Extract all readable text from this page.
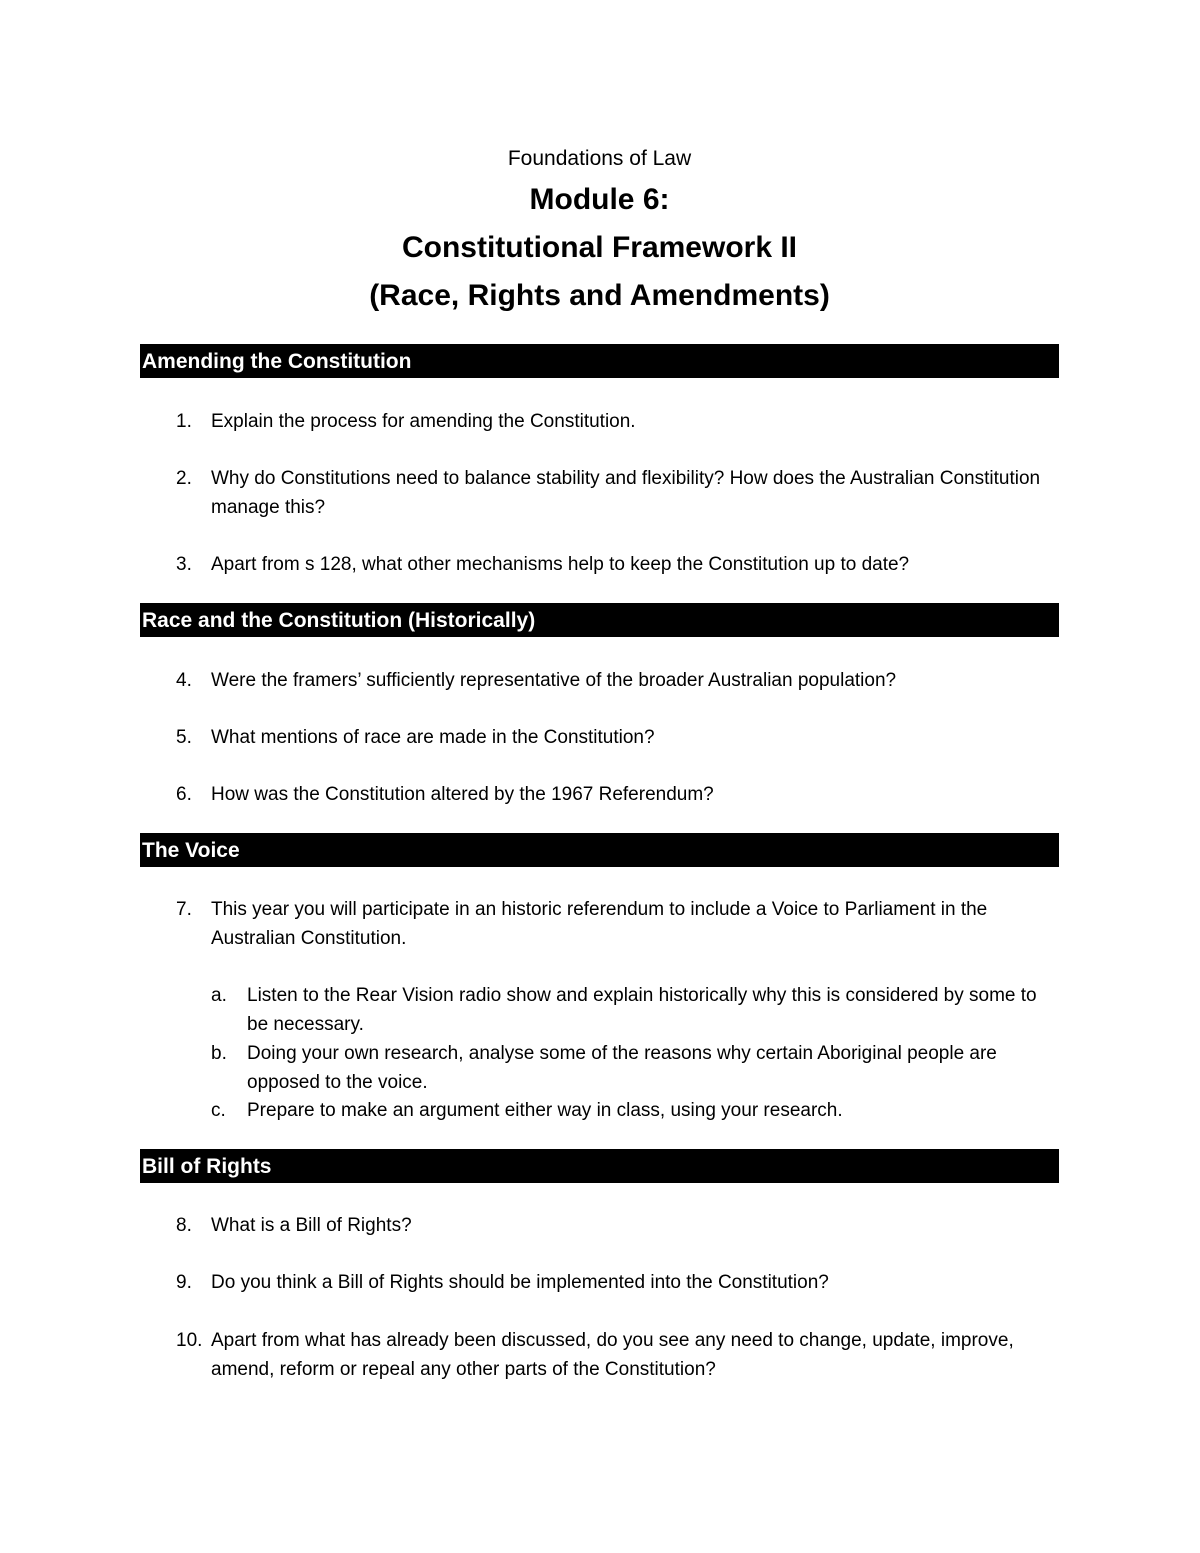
Foundations of Law
Module 6:
Constitutional Framework II
(Race, Rights and Amendments)
Amending the Constitution
1.	Explain the process for amending the Constitution.
2.	Why do Constitutions need to balance stability and flexibility? How does the Australian Constitution manage this?
3.	Apart from s 128, what other mechanisms help to keep the Constitution up to date?
Race and the Constitution (Historically)
4.	Were the framers’ sufficiently representative of the broader Australian population?
5.	What mentions of race are made in the Constitution?
6.	How was the Constitution altered by the 1967 Referendum?
The Voice
7.	This year you will participate in an historic referendum to include a Voice to Parliament in the Australian Constitution.
a. Listen to the Rear Vision radio show and explain historically why this is considered by some to be necessary.
b. Doing your own research, analyse some of the reasons why certain Aboriginal people are opposed to the voice.
c. Prepare to make an argument either way in class, using your research.
Bill of Rights
8.	What is a Bill of Rights?
9.	Do you think a Bill of Rights should be implemented into the Constitution?
10. Apart from what has already been discussed, do you see any need to change, update, improve, amend, reform or repeal any other parts of the Constitution?
